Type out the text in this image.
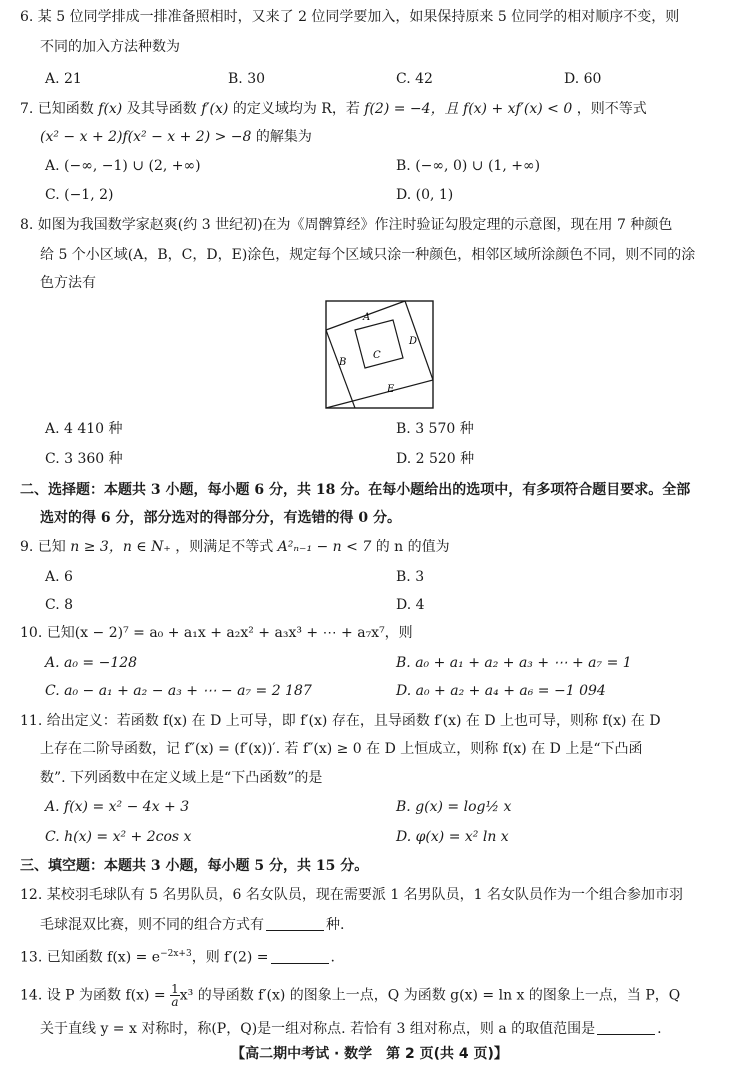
6. 某 5 位同学排成一排准备照相时，又来了 2 位同学要加入，如果保持原来 5 位同学的相对顺序不变，则
不同的加入方法种数为
A. 21	B. 30	C. 42	D. 60
7. 已知函数 f(x) 及其导函数 f′(x) 的定义域均为 R，若 f(2) = −4，且 f(x) + xf′(x) < 0 ，则不等式
(x² − x + 2)f(x² − x + 2) > −8 的解集为
A. (−∞, −1) ∪ (2, +∞)	B. (−∞, 0) ∪ (1, +∞)
C. (−1, 2)	D. (0, 1)
8. 如图为我国数学家赵爽(约 3 世纪初)在为《周髀算经》作注时验证勾股定理的示意图，现在用 7 种颜色
给 5 个小区域(A，B，C，D，E)涂色，规定每个区域只涂一种颜色，相邻区域所涂颜色不同，则不同的涂
色方法有
A
B
C
D
E
A. 4 410 种	B. 3 570 种
C. 3 360 种	D. 2 520 种
二、选择题：本题共 3 小题，每小题 6 分，共 18 分。在每小题给出的选项中，有多项符合题目要求。全部
选对的得 6 分，部分选对的得部分分，有选错的得 0 分。
9. 已知 n ≥ 3，n ∈ N₊ ，则满足不等式 A²ₙ₋₁ − n < 7 的 n 的值为
A. 6	B. 3
C. 8	D. 4
10. 已知(x − 2)⁷ = a₀ + a₁x + a₂x² + a₃x³ + ⋯ + a₇x⁷，则
A. a₀ = −128	B. a₀ + a₁ + a₂ + a₃ + ⋯ + a₇ = 1
C. a₀ − a₁ + a₂ − a₃ + ⋯ − a₇ = 2 187	D. a₀ + a₂ + a₄ + a₆ = −1 094
11. 给出定义：若函数 f(x) 在 D 上可导，即 f′(x) 存在，且导函数 f′(x) 在 D 上也可导，则称 f(x) 在 D
上存在二阶导函数，记 f″(x) = (f′(x))′. 若 f″(x) ≥ 0 在 D 上恒成立，则称 f(x) 在 D 上是“下凸函
数”. 下列函数中在定义域上是“下凸函数”的是
A. f(x) = x² − 4x + 3	B. g(x) = log½ x
C. h(x) = x² + 2cos x	D. φ(x) = x² ln x
三、填空题：本题共 3 小题，每小题 5 分，共 15 分。
12. 某校羽毛球队有 5 名男队员，6 名女队员，现在需要派 1 名男队员，1 名女队员作为一个组合参加市羽
毛球混双比赛，则不同的组合方式有	种.
13. 已知函数 $f(x) = e^{-2x+3}$，则 f′(2) =	.
14. 设 P 为函数 $f(x) = \frac{1}{a} x^3$ 的导函数 f′(x) 的图象上一点，Q 为函数 g(x) = ln x 的图象上一点，当 P，Q
关于直线 y = x 对称时，称(P，Q)是一组对称点. 若恰有 3 组对称点，则 a 的取值范围是	.
【高二期中考试 · 数学　第 2 页(共 4 页)】
